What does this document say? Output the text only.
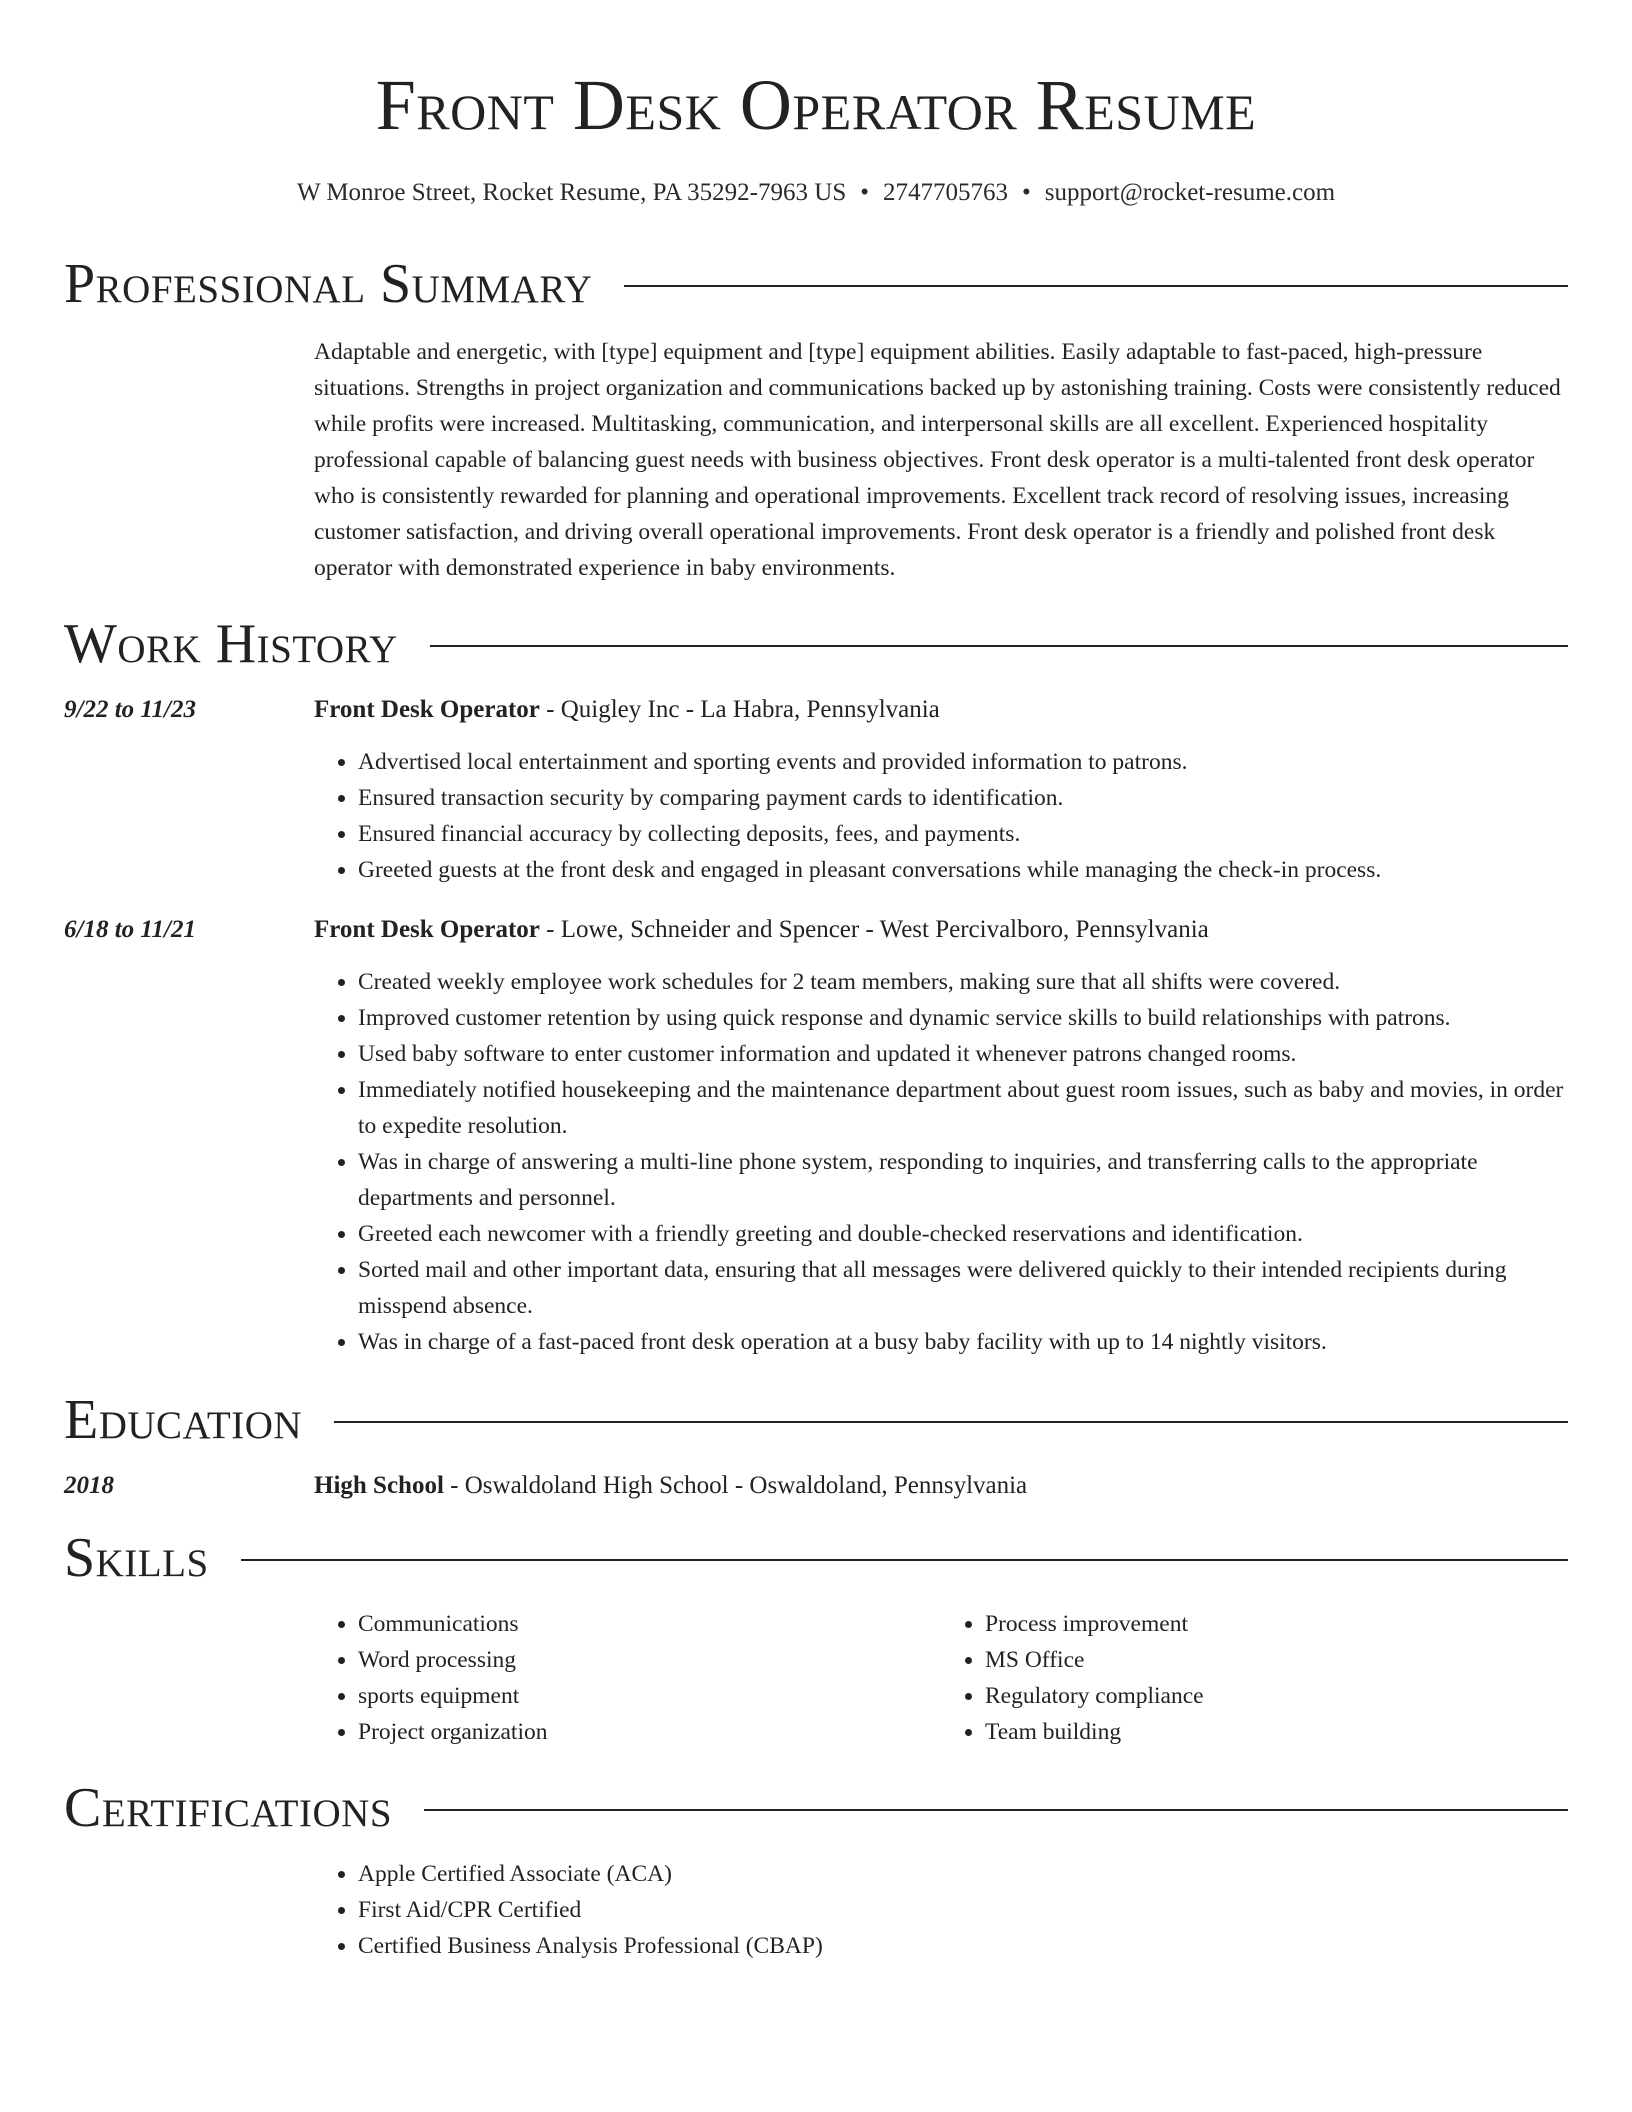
Front Desk Operator Resume
W Monroe Street, Rocket Resume, PA 35292-7963 US • 2747705763 • support@rocket-resume.com
Professional Summary
Adaptable and energetic, with [type] equipment and [type] equipment abilities. Easily adaptable to fast-paced, high-pressure situations. Strengths in project organization and communications backed up by astonishing training. Costs were consistently reduced while profits were increased. Multitasking, communication, and interpersonal skills are all excellent. Experienced hospitality professional capable of balancing guest needs with business objectives. Front desk operator is a multi-talented front desk operator who is consistently rewarded for planning and operational improvements. Excellent track record of resolving issues, increasing customer satisfaction, and driving overall operational improvements. Front desk operator is a friendly and polished front desk operator with demonstrated experience in baby environments.
Work History
9/22 to 11/23	Front Desk Operator - Quigley Inc - La Habra, Pennsylvania
• Advertised local entertainment and sporting events and provided information to patrons.
• Ensured transaction security by comparing payment cards to identification.
• Ensured financial accuracy by collecting deposits, fees, and payments.
• Greeted guests at the front desk and engaged in pleasant conversations while managing the check-in process.
6/18 to 11/21	Front Desk Operator - Lowe, Schneider and Spencer - West Percivalboro, Pennsylvania
• Created weekly employee work schedules for 2 team members, making sure that all shifts were covered.
• Improved customer retention by using quick response and dynamic service skills to build relationships with patrons.
• Used baby software to enter customer information and updated it whenever patrons changed rooms.
• Immediately notified housekeeping and the maintenance department about guest room issues, such as baby and movies, in order to expedite resolution.
• Was in charge of answering a multi-line phone system, responding to inquiries, and transferring calls to the appropriate departments and personnel.
• Greeted each newcomer with a friendly greeting and double-checked reservations and identification.
• Sorted mail and other important data, ensuring that all messages were delivered quickly to their intended recipients during misspend absence.
• Was in charge of a fast-paced front desk operation at a busy baby facility with up to 14 nightly visitors.
Education
2018	High School - Oswaldoland High School - Oswaldoland, Pennsylvania
Skills
• Communications
• Word processing
• sports equipment
• Project organization
• Process improvement
• MS Office
• Regulatory compliance
• Team building
Certifications
• Apple Certified Associate (ACA)
• First Aid/CPR Certified
• Certified Business Analysis Professional (CBAP)
